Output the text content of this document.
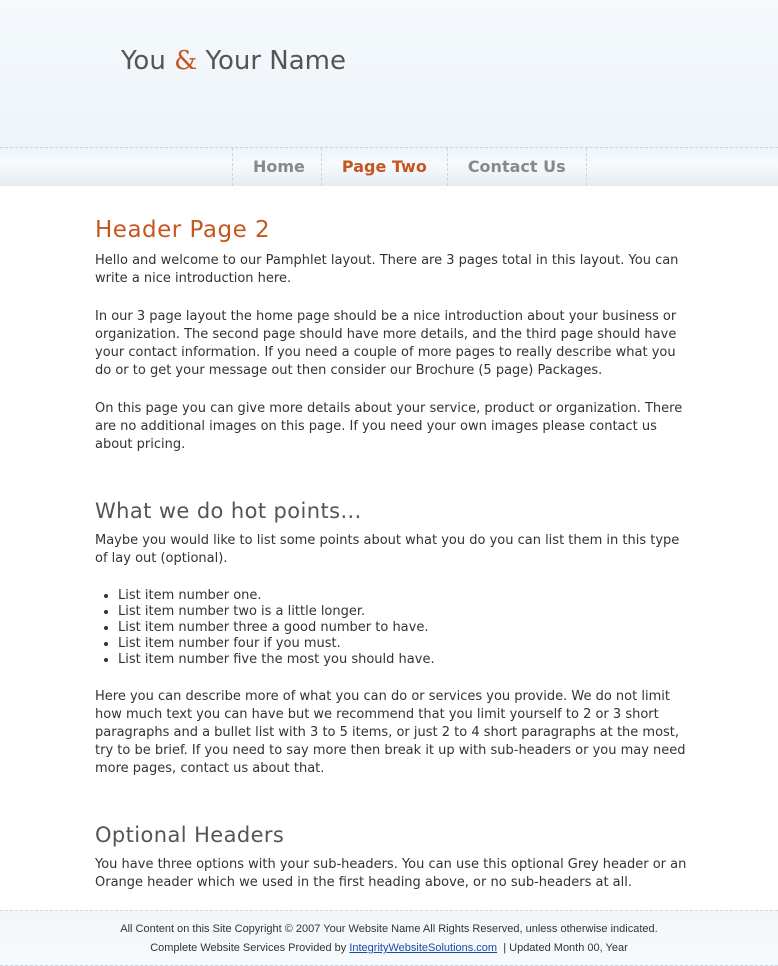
You & Your Name
Home	Page Two	Contact Us
Header Page 2

Hello and welcome to our Pamphlet layout. There are 3 pages total in this layout. You can write a nice introduction here.

In our 3 page layout the home page should be a nice introduction about your business or organization. The second page should have more details, and the third page should have your contact information. If you need a couple of more pages to really describe what you do or to get your message out then consider our Brochure (5 page) Packages.

On this page you can give more details about your service, product or organization. There are no additional images on this page. If you need your own images please contact us about pricing.

What we do hot points...

Maybe you would like to list some points about what you do you can list them in this type of lay out (optional).

• List item number one.
• List item number two is a little longer.
• List item number three a good number to have.
• List item number four if you must.
• List item number five the most you should have.

Here you can describe more of what you can do or services you provide. We do not limit how much text you can have but we recommend that you limit yourself to 2 or 3 short paragraphs and a bullet list with 3 to 5 items, or just 2 to 4 short paragraphs at the most, try to be brief. If you need to say more then break it up with sub-headers or you may need more pages, contact us about that.

Optional Headers

You have three options with your sub-headers. You can use this optional Grey header or an Orange header which we used in the first heading above, or no sub-headers at all.

All Content on this Site Copyright © 2007 Your Website Name All Rights Reserved, unless otherwise indicated.
Complete Website Services Provided by IntegrityWebsiteSolutions.com | Updated Month 00, Year
